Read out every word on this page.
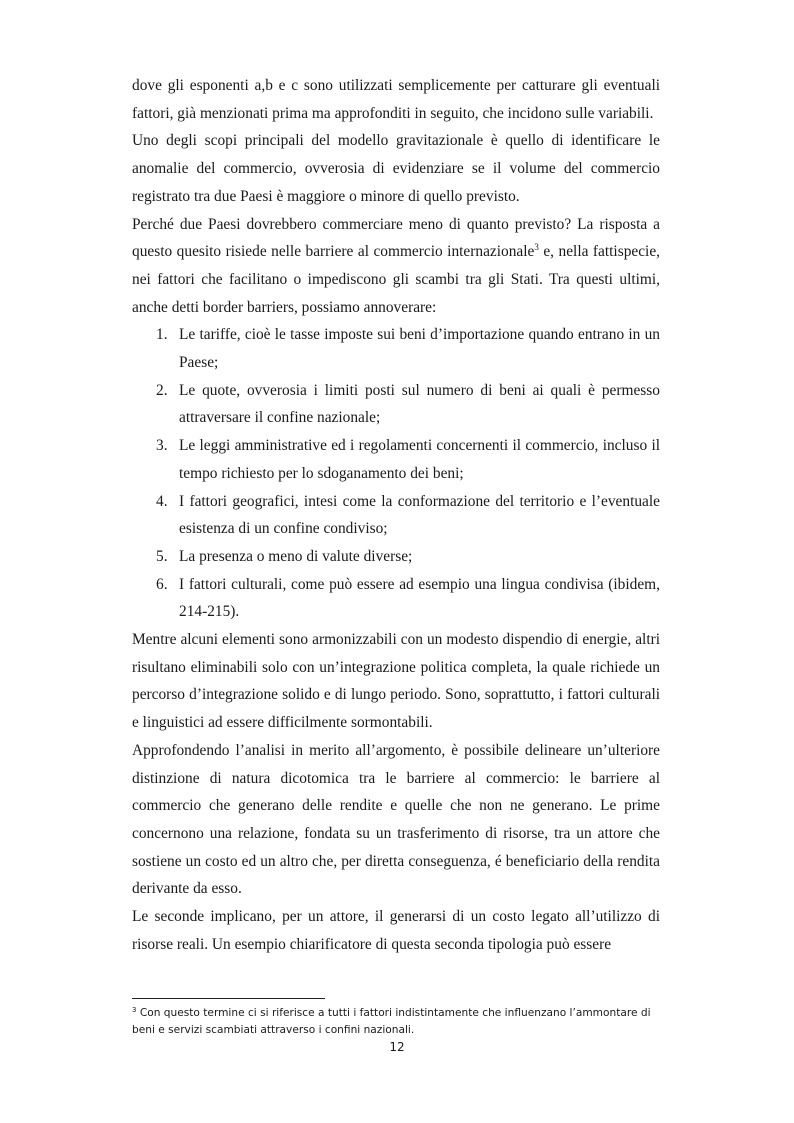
dove gli esponenti a,b e c sono utilizzati semplicemente per catturare gli eventuali fattori, già menzionati prima ma approfonditi in seguito, che incidono sulle variabili.

Uno degli scopi principali del modello gravitazionale è quello di identificare le anomalie del commercio, ovverosia di evidenziare se il volume del commercio registrato tra due Paesi è maggiore o minore di quello previsto.

Perché due Paesi dovrebbero commerciare meno di quanto previsto? La risposta a questo quesito risiede nelle barriere al commercio internazionale$^3$ e, nella fattispecie, nei fattori che facilitano o impediscono gli scambi tra gli Stati. Tra questi ultimi, anche detti border barriers, possiamo annoverare:

1. Le tariffe, cioè le tasse imposte sui beni d’importazione quando entrano in un Paese;
2. Le quote, ovverosia i limiti posti sul numero di beni ai quali è permesso attraversare il confine nazionale;
3. Le leggi amministrative ed i regolamenti concernenti il commercio, incluso il tempo richiesto per lo sdoganamento dei beni;
4. I fattori geografici, intesi come la conformazione del territorio e l’eventuale esistenza di un confine condiviso;
5. La presenza o meno di valute diverse;
6. I fattori culturali, come può essere ad esempio una lingua condivisa (ibidem, 214-215).

Mentre alcuni elementi sono armonizzabili con un modesto dispendio di energie, altri risultano eliminabili solo con un’integrazione politica completa, la quale richiede un percorso d’integrazione solido e di lungo periodo. Sono, soprattutto, i fattori culturali e linguistici ad essere difficilmente sormontabili.

Approfondendo l’analisi in merito all’argomento, è possibile delineare un’ulteriore distinzione di natura dicotomica tra le barriere al commercio: le barriere al commercio che generano delle rendite e quelle che non ne generano. Le prime concernono una relazione, fondata su un trasferimento di risorse, tra un attore che sostiene un costo ed un altro che, per diretta conseguenza, é beneficiario della rendita derivante da esso.

Le seconde implicano, per un attore, il generarsi di un costo legato all’utilizzo di risorse reali. Un esempio chiarificatore di questa seconda tipologia può essere

$^3$ Con questo termine ci si riferisce a tutti i fattori indistintamente che influenzano l’ammontare di beni e servizi scambiati attraverso i confini nazionali.
12
